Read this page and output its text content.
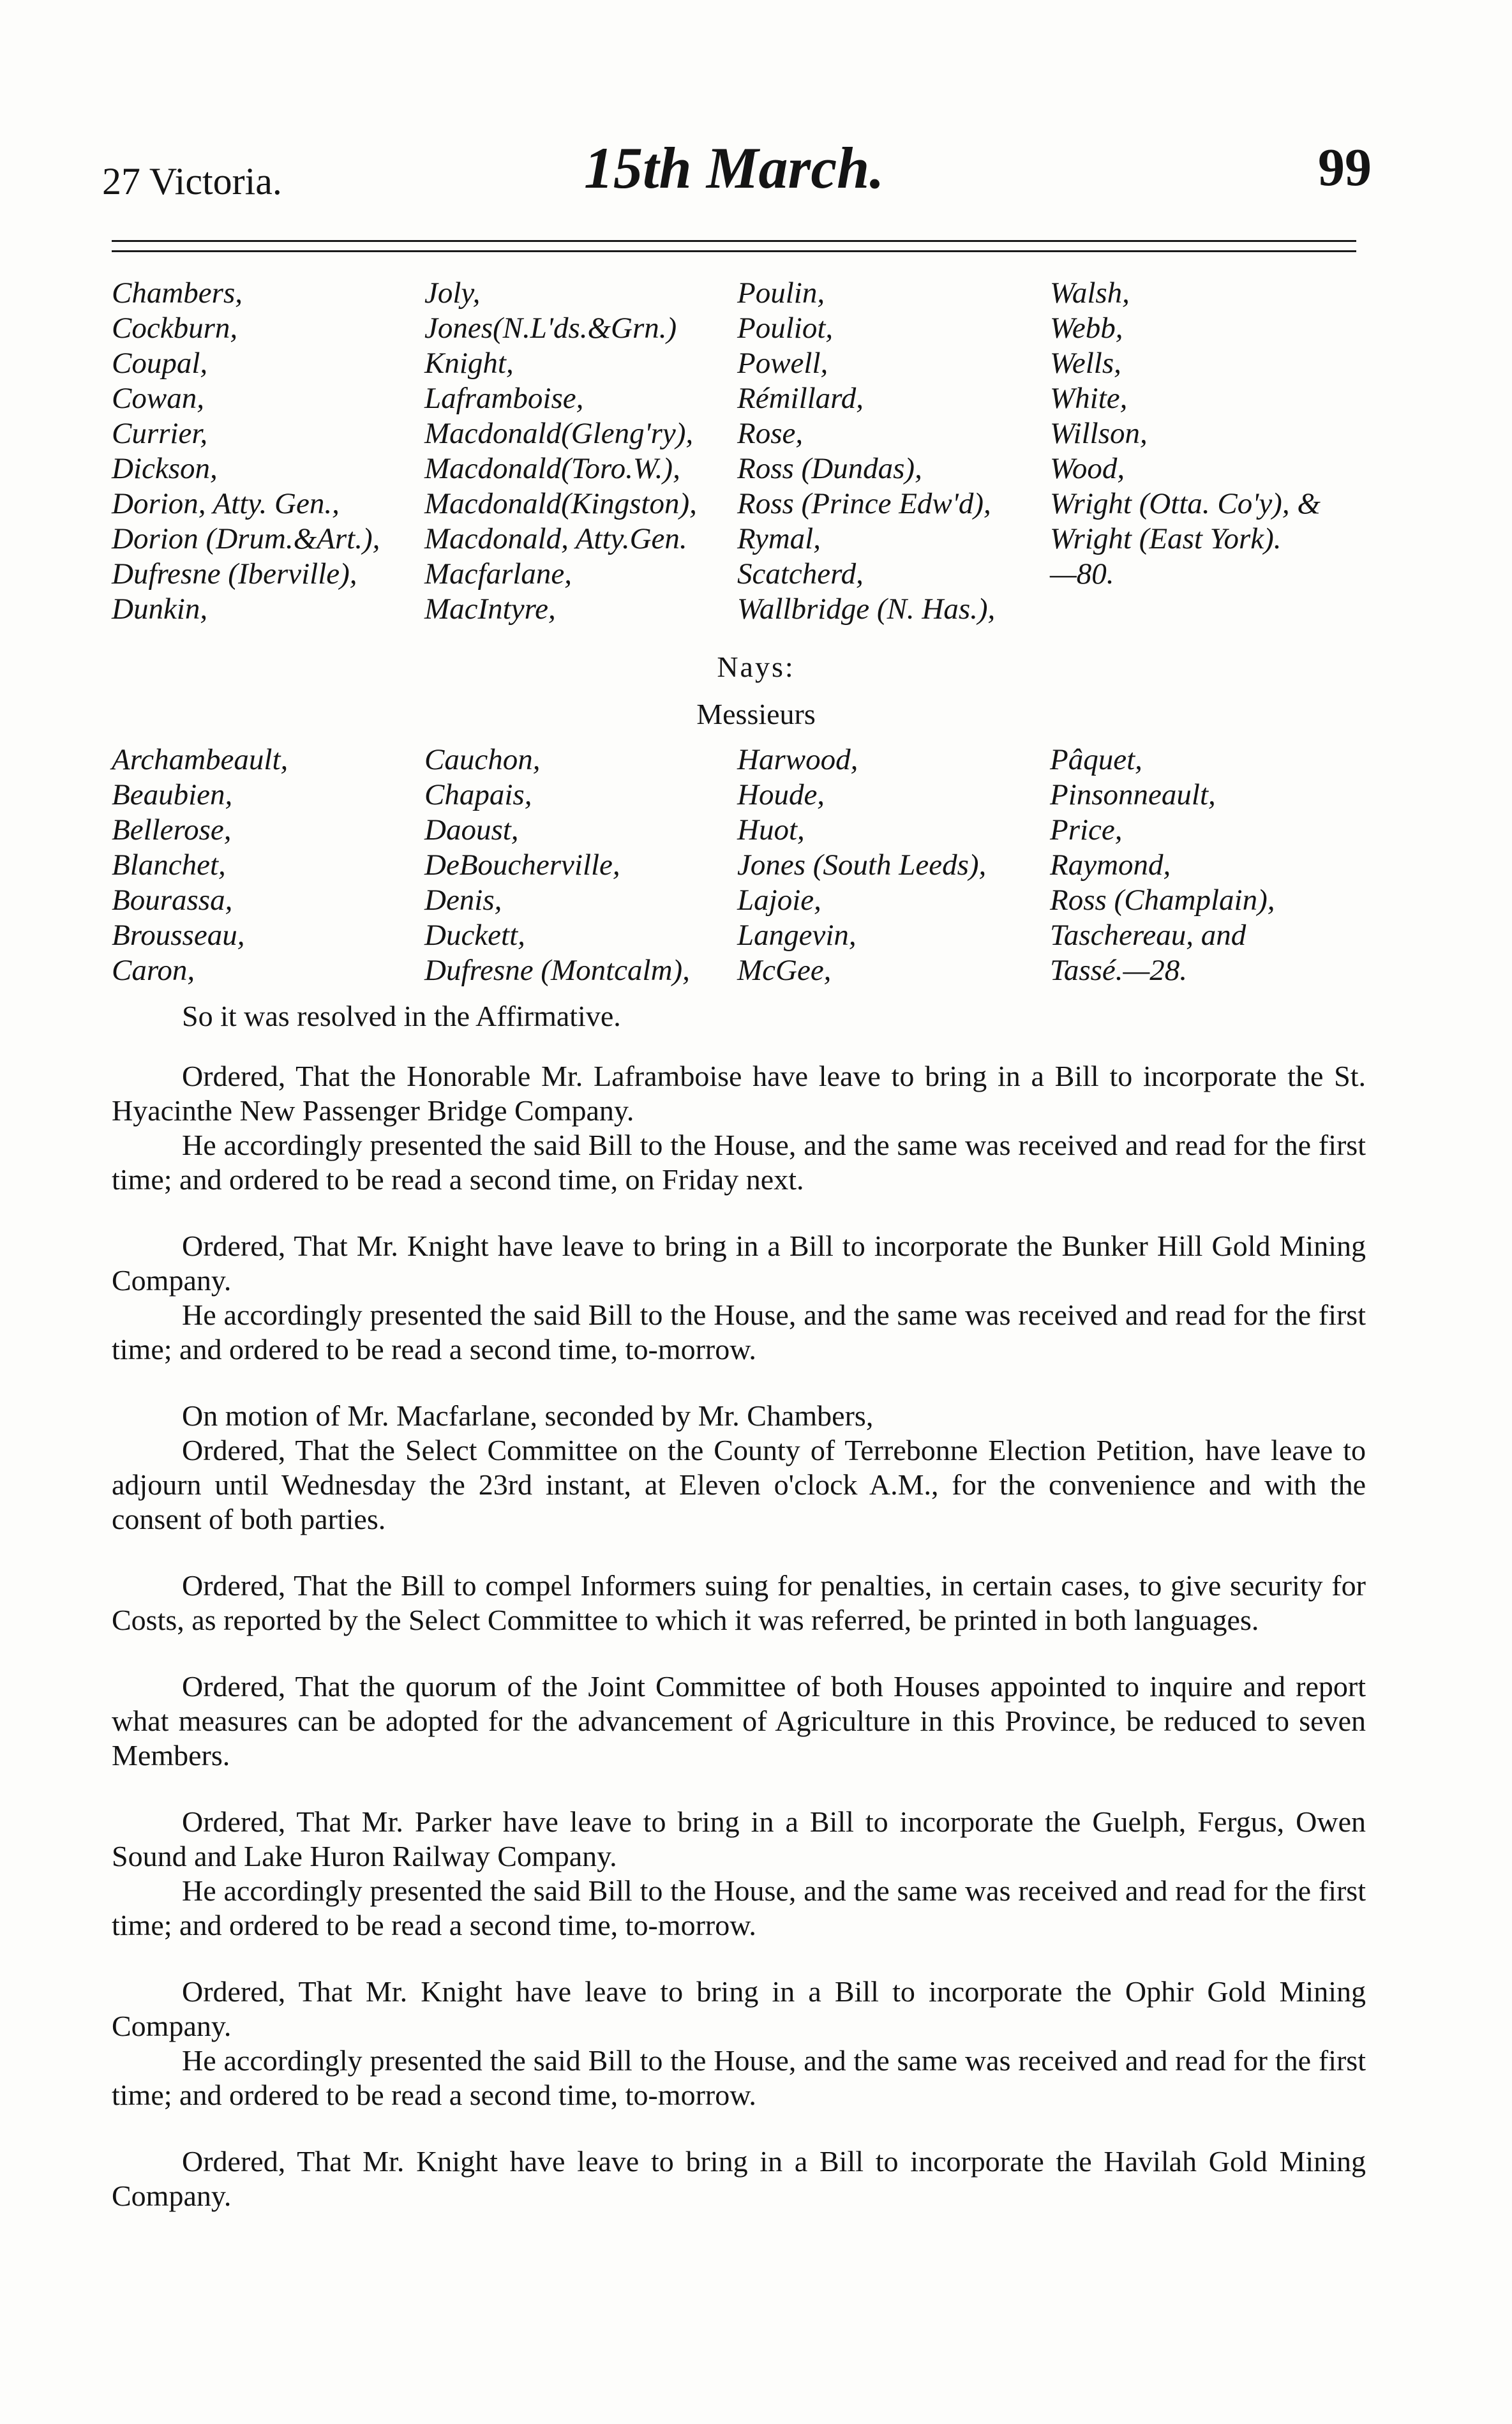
27 Victoria.	15th March.	99
Chambers,	Joly,	Poulin,	Walsh,
Cockburn,	Jones(N.L'ds.&Grn.)	Pouliot,	Webb,
Coupal,	Knight,	Powell,	Wells,
Cowan,	Laframboise,	Rémillard,	White,
Currier,	Macdonald(Gleng'ry),	Rose,	Willson,
Dickson,	Macdonald(Toro.W.),	Ross (Dundas),	Wood,
Dorion, Atty. Gen.,	Macdonald(Kingston),	Ross (Prince Edw'd),	Wright (Otta. Co'y), &
Dorion (Drum.&Art.),	Macdonald, Atty.Gen.	Rymal,	Wright (East York).
Dufresne (Iberville),	Macfarlane,	Scatcherd,	—80.
Dunkin,	MacIntyre,	Wallbridge (N. Has.),
Nays:
Messieurs
Archambeault,	Cauchon,	Harwood,	Pâquet,
Beaubien,	Chapais,	Houde,	Pinsonneault,
Bellerose,	Daoust,	Huot,	Price,
Blanchet,	DeBoucherville,	Jones (South Leeds),	Raymond,
Bourassa,	Denis,	Lajoie,	Ross (Champlain),
Brousseau,	Duckett,	Langevin,	Taschereau, and
Caron,	Dufresne (Montcalm),	McGee,	Tassé.—28.

So it was resolved in the Affirmative.

Ordered, That the Honorable Mr. Laframboise have leave to bring in a Bill to incorporate the St. Hyacinthe New Passenger Bridge Company.

He accordingly presented the said Bill to the House, and the same was received and read for the first time; and ordered to be read a second time, on Friday next.

Ordered, That Mr. Knight have leave to bring in a Bill to incorporate the Bunker Hill Gold Mining Company.

He accordingly presented the said Bill to the House, and the same was received and read for the first time; and ordered to be read a second time, to-morrow.

On motion of Mr. Macfarlane, seconded by Mr. Chambers,

Ordered, That the Select Committee on the County of Terrebonne Election Petition, have leave to adjourn until Wednesday the 23rd instant, at Eleven o'clock A.M., for the convenience and with the consent of both parties.

Ordered, That the Bill to compel Informers suing for penalties, in certain cases, to give security for Costs, as reported by the Select Committee to which it was referred, be printed in both languages.

Ordered, That the quorum of the Joint Committee of both Houses appointed to inquire and report what measures can be adopted for the advancement of Agriculture in this Province, be reduced to seven Members.

Ordered, That Mr. Parker have leave to bring in a Bill to incorporate the Guelph, Fergus, Owen Sound and Lake Huron Railway Company.

He accordingly presented the said Bill to the House, and the same was received and read for the first time; and ordered to be read a second time, to-morrow.

Ordered, That Mr. Knight have leave to bring in a Bill to incorporate the Ophir Gold Mining Company.

He accordingly presented the said Bill to the House, and the same was received and read for the first time; and ordered to be read a second time, to-morrow.

Ordered, That Mr. Knight have leave to bring in a Bill to incorporate the Havilah Gold Mining Company.
